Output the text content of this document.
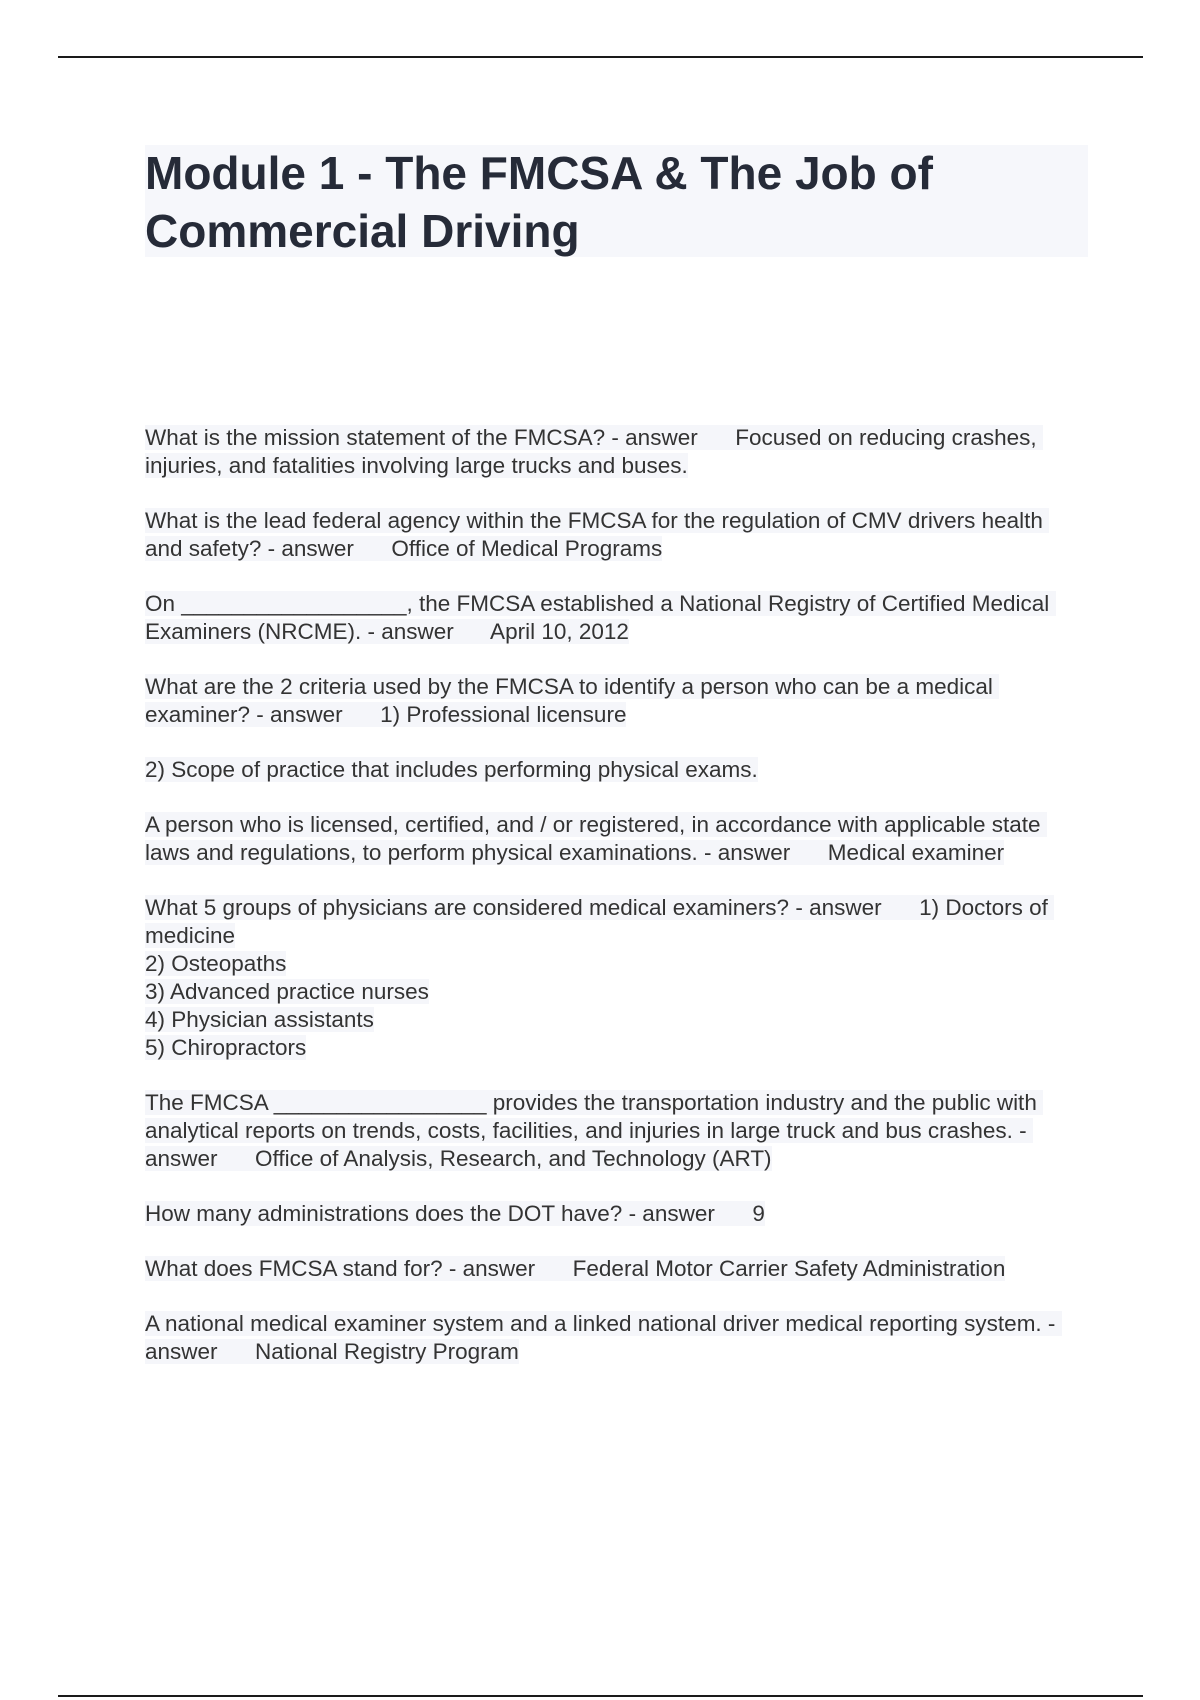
Module 1 - The FMCSA & The Job of Commercial Driving

What is the mission statement of the FMCSA? - answer      Focused on reducing crashes, injuries, and fatalities involving large trucks and buses.

What is the lead federal agency within the FMCSA for the regulation of CMV drivers health and safety? - answer      Office of Medical Programs

On __________________, the FMCSA established a National Registry of Certified Medical Examiners (NRCME). - answer      April 10, 2012

What are the 2 criteria used by the FMCSA to identify a person who can be a medical examiner? - answer      1) Professional licensure

2) Scope of practice that includes performing physical exams.

A person who is licensed, certified, and / or registered, in accordance with applicable state laws and regulations, to perform physical examinations. - answer      Medical examiner

What 5 groups of physicians are considered medical examiners? - answer      1) Doctors of medicine
2) Osteopaths
3) Advanced practice nurses
4) Physician assistants
5) Chiropractors

The FMCSA _________________ provides the transportation industry and the public with analytical reports on trends, costs, facilities, and injuries in large truck and bus crashes. - answer      Office of Analysis, Research, and Technology (ART)

How many administrations does the DOT have? - answer      9

What does FMCSA stand for? - answer      Federal Motor Carrier Safety Administration

A national medical examiner system and a linked national driver medical reporting system. - answer      National Registry Program
